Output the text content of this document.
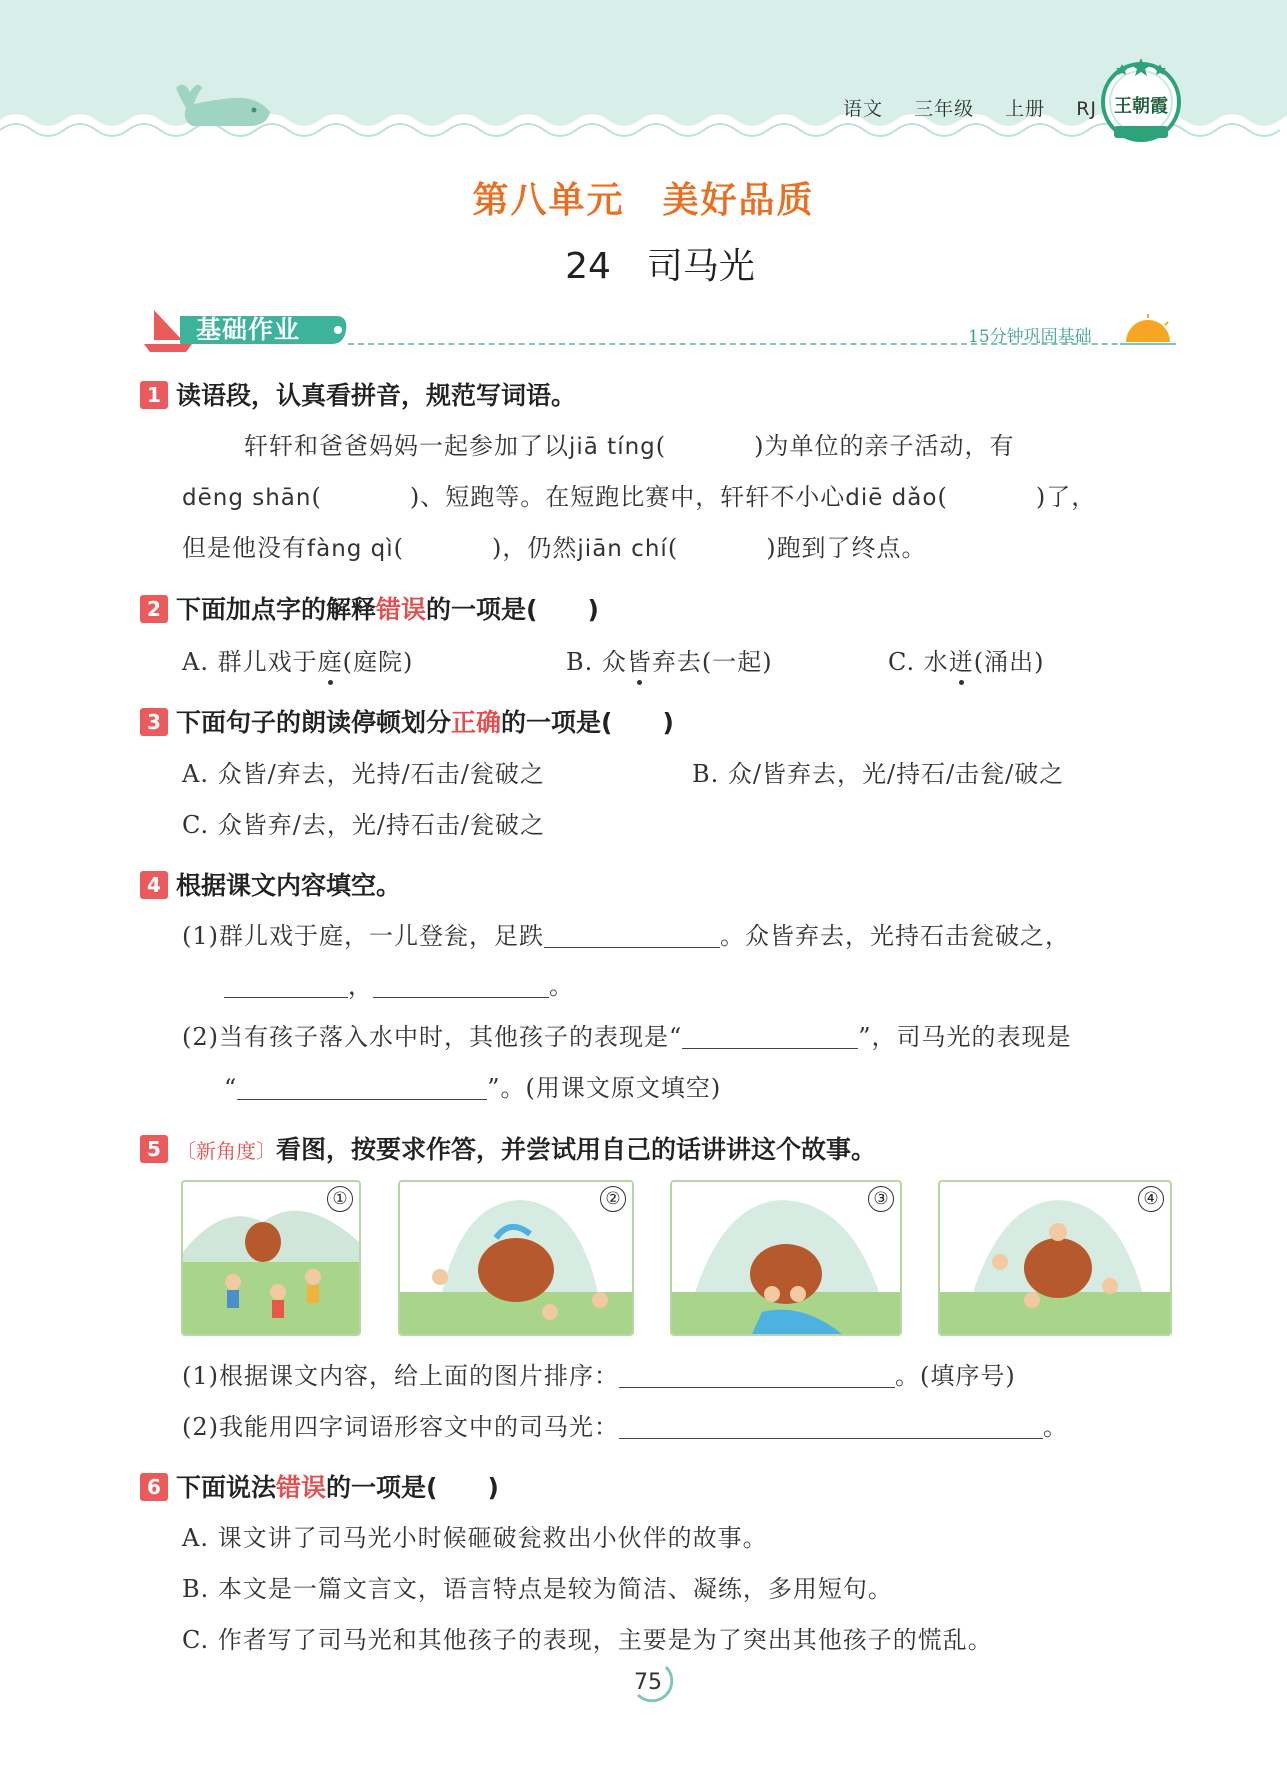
语文 三年级 上册 RJ 王朝霞
第八单元　美好品质
24　司马光
基础作业	15分钟巩固基础
1 读语段，认真看拼音，规范写词语。
轩轩和爸爸妈妈一起参加了以jiā tíng(	)为单位的亲子活动，有
dēng shān(	)、短跑等。在短跑比赛中，轩轩不小心diē dǎo(	)了，
但是他没有fàng qì(	)，仍然jiān chí(	)跑到了终点。
2 下面加点字的解释错误的一项是(　　)
A. 群儿戏于庭(庭院)	B. 众皆弃去(一起)	C. 水迸(涌出)
3 下面句子的朗读停顿划分正确的一项是(　　)
A. 众皆/弃去，光持/石击/瓮破之	B. 众/皆弃去，光/持石/击瓮/破之
C. 众皆弃/去，光/持石击/瓮破之
4 根据课文内容填空。
(1)群儿戏于庭，一儿登瓮，足跌	。众皆弃去，光持石击瓮破之，
，	。
(2)当有孩子落入水中时，其他孩子的表现是“	”，司马光的表现是
“	”。(用课文原文填空)
5 〔新角度〕看图，按要求作答，并尝试用自己的话讲讲这个故事。
①	②	③	④
(1)根据课文内容，给上面的图片排序：	。(填序号)
(2)我能用四字词语形容文中的司马光：	。
6 下面说法错误的一项是(　　)
A. 课文讲了司马光小时候砸破瓮救出小伙伴的故事。
B. 本文是一篇文言文，语言特点是较为简洁、凝练，多用短句。
C. 作者写了司马光和其他孩子的表现，主要是为了突出其他孩子的慌乱。
75
